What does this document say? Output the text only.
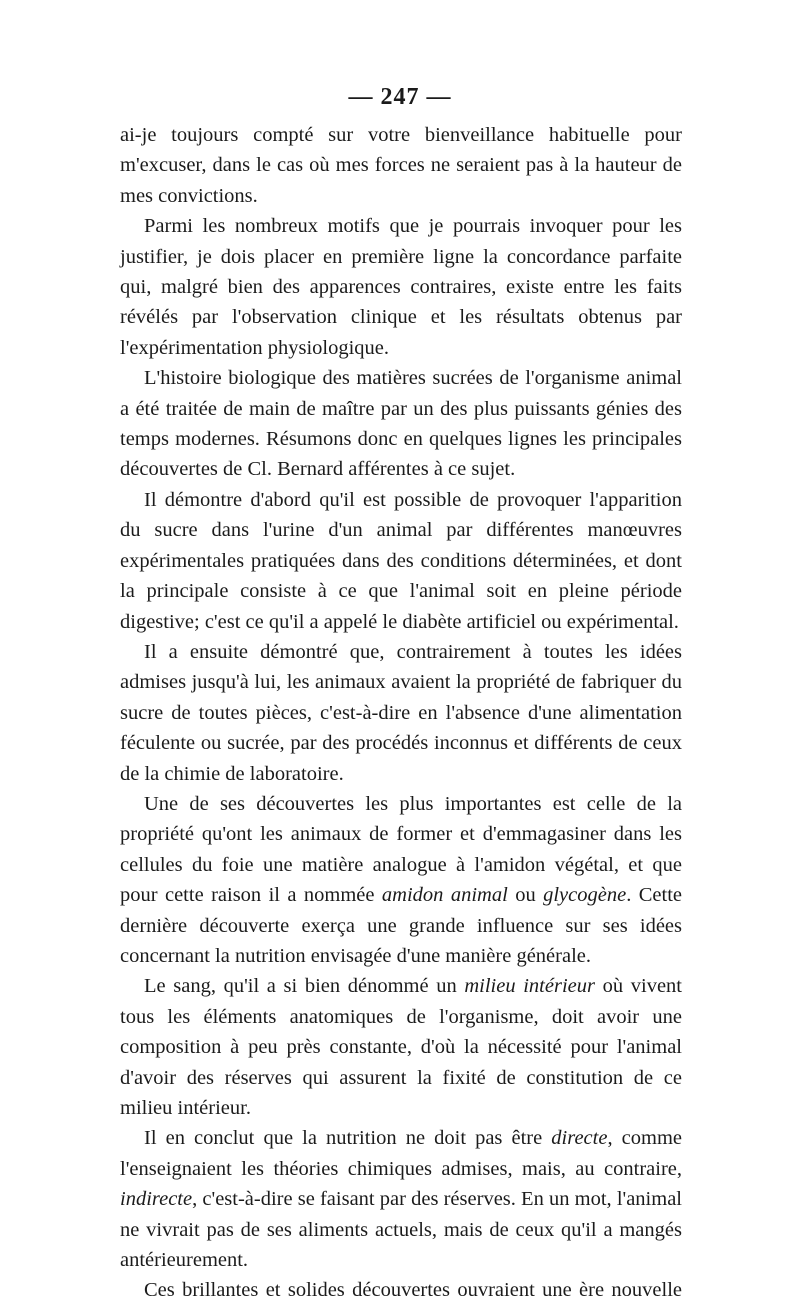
— 247 —

ai-je toujours compté sur votre bienveillance habituelle pour m'excuser, dans le cas où mes forces ne seraient pas à la hauteur de mes convictions.

Parmi les nombreux motifs que je pourrais invoquer pour les justifier, je dois placer en première ligne la concordance parfaite qui, malgré bien des apparences contraires, existe entre les faits révélés par l'observation clinique et les résultats obtenus par l'expérimentation physiologique.

L'histoire biologique des matières sucrées de l'organisme animal a été traitée de main de maître par un des plus puissants génies des temps modernes. Résumons donc en quelques lignes les principales découvertes de Cl. Bernard afférentes à ce sujet.

Il démontre d'abord qu'il est possible de provoquer l'apparition du sucre dans l'urine d'un animal par différentes manœuvres expérimentales pratiquées dans des conditions déterminées, et dont la principale consiste à ce que l'animal soit en pleine période digestive; c'est ce qu'il a appelé le diabète artificiel ou expérimental.

Il a ensuite démontré que, contrairement à toutes les idées admises jusqu'à lui, les animaux avaient la propriété de fabriquer du sucre de toutes pièces, c'est-à-dire en l'absence d'une alimentation féculente ou sucrée, par des procédés inconnus et différents de ceux de la chimie de laboratoire.

Une de ses découvertes les plus importantes est celle de la propriété qu'ont les animaux de former et d'emmagasiner dans les cellules du foie une matière analogue à l'amidon végétal, et que pour cette raison il a nommée amidon animal ou glycogène. Cette dernière découverte exerça une grande influence sur ses idées concernant la nutrition envisagée d'une manière générale.

Le sang, qu'il a si bien dénommé un milieu intérieur où vivent tous les éléments anatomiques de l'organisme, doit avoir une composition à peu près constante, d'où la nécessité pour l'animal d'avoir des réserves qui assurent la fixité de constitution de ce milieu intérieur.

Il en conclut que la nutrition ne doit pas être directe, comme l'enseignaient les théories chimiques admises, mais, au contraire, indirecte, c'est-à-dire se faisant par des réserves. En un mot, l'animal ne vivrait pas de ses aliments actuels, mais de ceux qu'il a mangés antérieurement.

Ces brillantes et solides découvertes ouvraient une ère nouvelle
